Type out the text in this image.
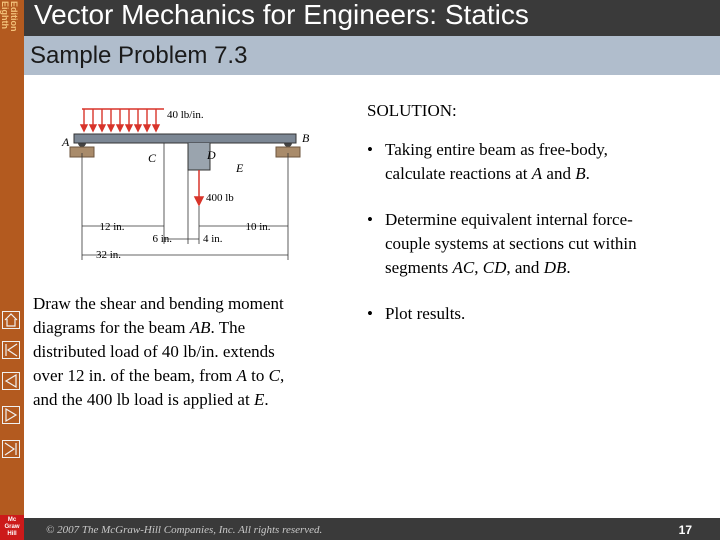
Eighth Edition
Mc
Graw
Hill
Vector Mechanics for Engineers: Statics
Sample Problem 7.3
40 lb/in.
400 lb
A	B
C	D
E
12 in.	10 in.
6 in.	4 in.
32 in.
SOLUTION:
• Taking entire beam as free-body,
calculate reactions at A and B.
• Determine equivalent internal force-
couple systems at sections cut within
segments AC, CD, and DB.
• Plot results.
Draw the shear and bending moment
diagrams for the beam AB. The
distributed load of 40 lb/in. extends
over 12 in. of the beam, from A to C,
and the 400 lb load is applied at E.
© 2007 The McGraw-Hill Companies, Inc. All rights reserved.	17
